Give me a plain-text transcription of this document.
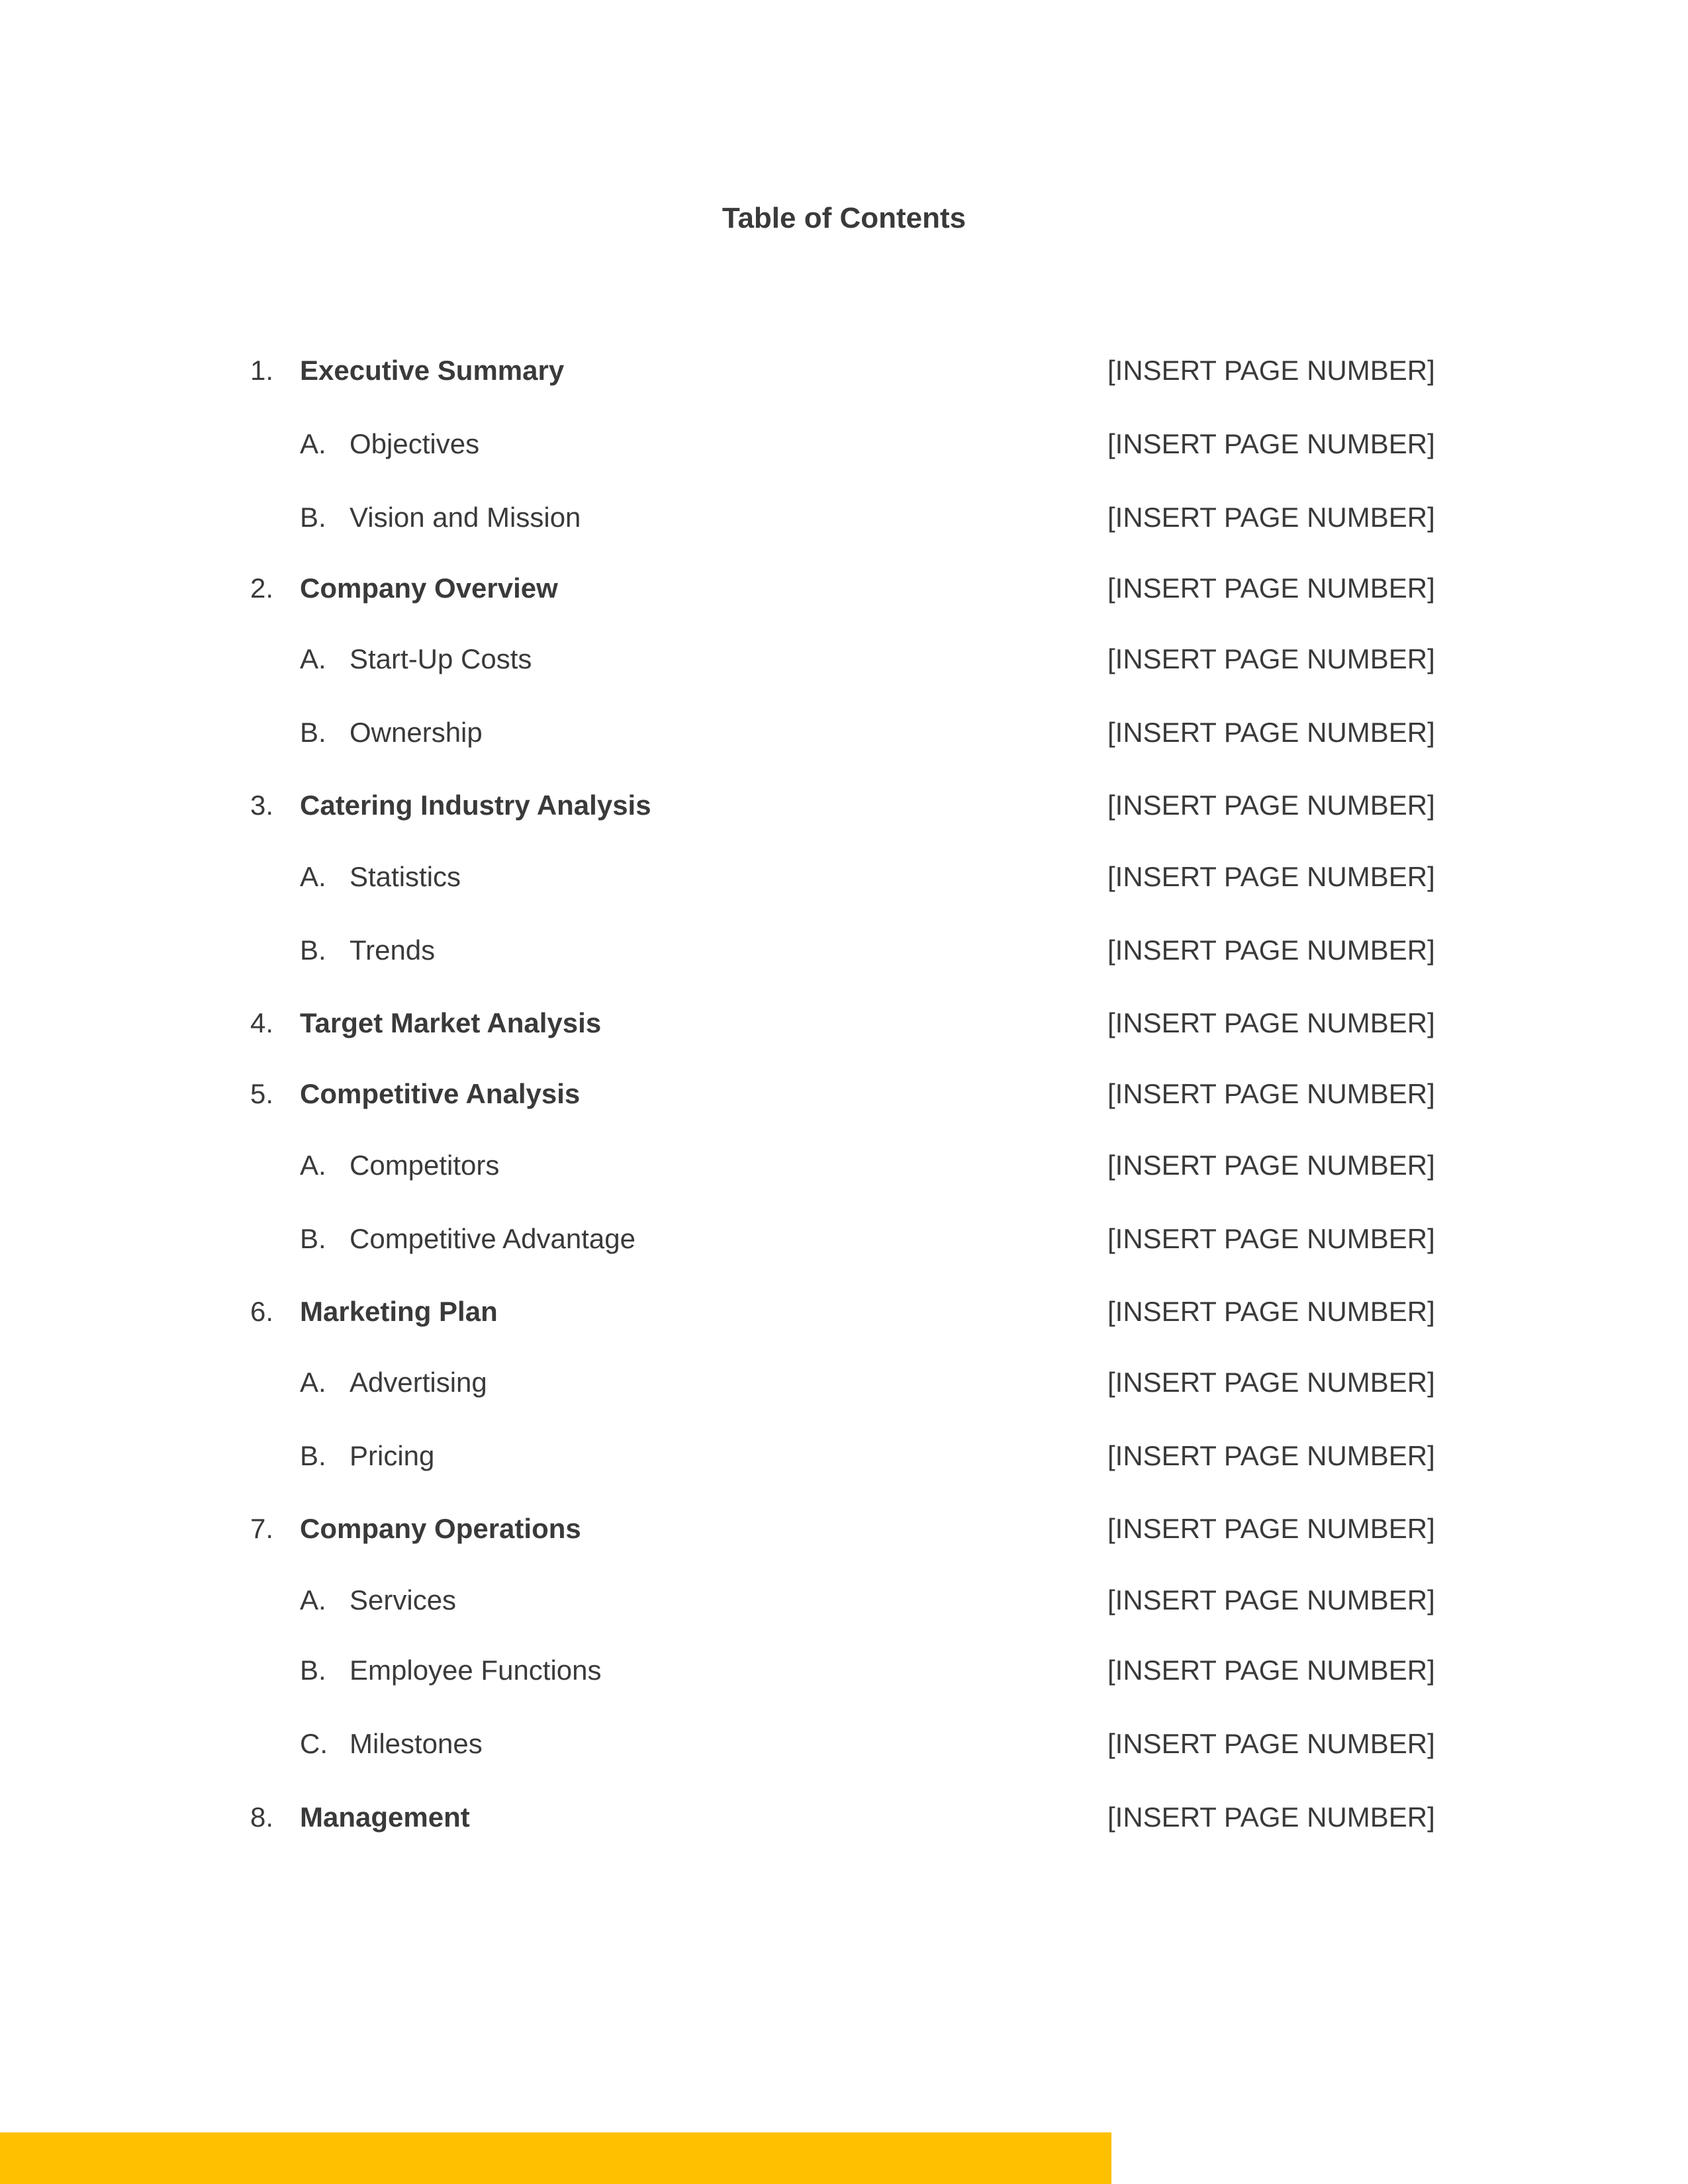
Table of Contents
1. Executive Summary	[INSERT PAGE NUMBER]
A. Objectives	[INSERT PAGE NUMBER]
B. Vision and Mission	[INSERT PAGE NUMBER]
2. Company Overview	[INSERT PAGE NUMBER]
A. Start-Up Costs	[INSERT PAGE NUMBER]
B. Ownership	[INSERT PAGE NUMBER]
3. Catering Industry Analysis	[INSERT PAGE NUMBER]
A. Statistics	[INSERT PAGE NUMBER]
B. Trends	[INSERT PAGE NUMBER]
4. Target Market Analysis	[INSERT PAGE NUMBER]
5. Competitive Analysis	[INSERT PAGE NUMBER]
A. Competitors	[INSERT PAGE NUMBER]
B. Competitive Advantage	[INSERT PAGE NUMBER]
6. Marketing Plan	[INSERT PAGE NUMBER]
A. Advertising	[INSERT PAGE NUMBER]
B. Pricing	[INSERT PAGE NUMBER]
7. Company Operations	[INSERT PAGE NUMBER]
A. Services	[INSERT PAGE NUMBER]
B. Employee Functions	[INSERT PAGE NUMBER]
C. Milestones	[INSERT PAGE NUMBER]
8. Management	[INSERT PAGE NUMBER]
